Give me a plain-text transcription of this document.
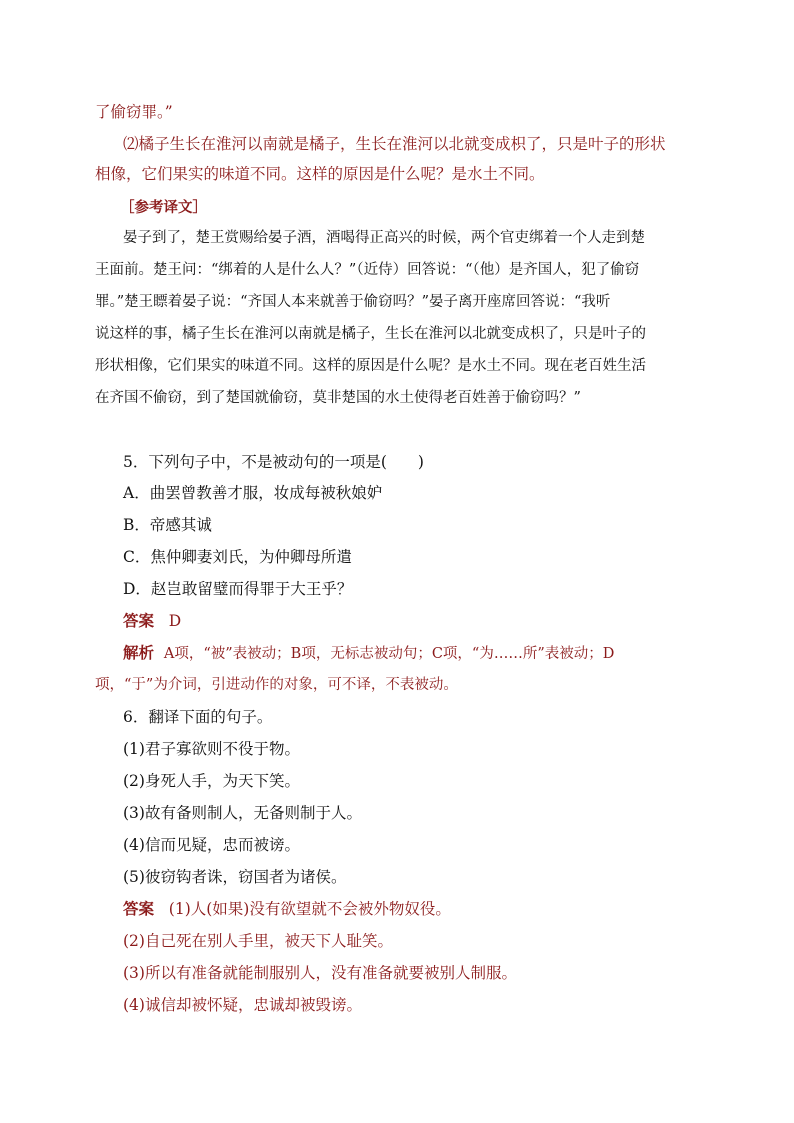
了偷窃罪。”
⑵橘子生长在淮河以南就是橘子，生长在淮河以北就变成枳了，只是叶子的形状
相像，它们果实的味道不同。这样的原因是什么呢？是水土不同。
［参考译文］
晏子到了，楚王赏赐给晏子酒，酒喝得正高兴的时候，两个官吏绑着一个人走到楚
王面前。楚王问：“绑着的人是什么人？”（近侍）回答说：“（他）是齐国人，犯了偷窃
罪。”楚王瞟着晏子说：“齐国人本来就善于偷窃吗？”晏子离开座席回答说：“我听
说这样的事，橘子生长在淮河以南就是橘子，生长在淮河以北就变成枳了，只是叶子的
形状相像，它们果实的味道不同。这样的原因是什么呢？是水土不同。现在老百姓生活
在齐国不偷窃，到了楚国就偷窃，莫非楚国的水土使得老百姓善于偷窃吗？”
5．下列句子中，不是被动句的一项是(　　)
A．曲罢曾教善才服，妆成每被秋娘妒
B．帝感其诚
C．焦仲卿妻刘氏，为仲卿母所遣
D．赵岂敢留璧而得罪于大王乎？
答案 D
解析 A项，“被”表被动；B项，无标志被动句；C项，“为……所”表被动；D
项，“于”为介词，引进动作的对象，可不译，不表被动。
6．翻译下面的句子。
(1)君子寡欲则不役于物。
(2)身死人手，为天下笑。
(3)故有备则制人，无备则制于人。
(4)信而见疑，忠而被谤。
(5)彼窃钩者诛，窃国者为诸侯。
答案 (1)人(如果)没有欲望就不会被外物奴役。
(2)自己死在别人手里，被天下人耻笑。
(3)所以有准备就能制服别人，没有准备就要被别人制服。
(4)诚信却被怀疑，忠诚却被毁谤。
